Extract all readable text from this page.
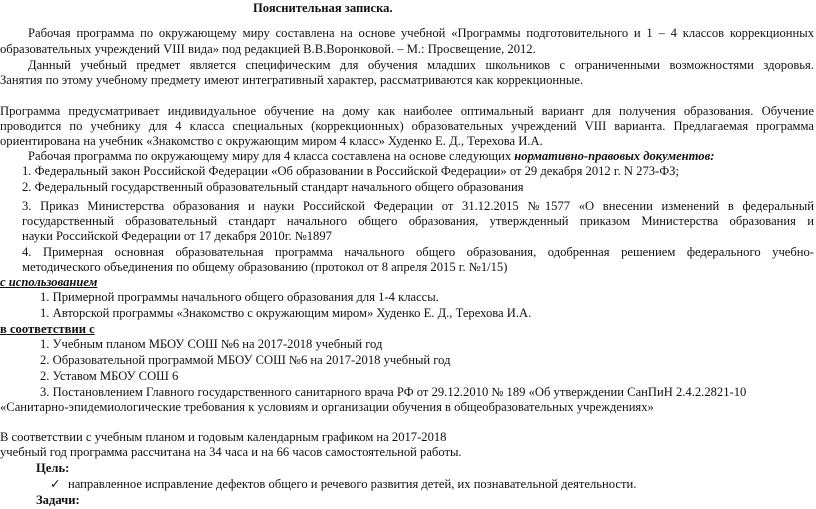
Пояснительная записка.
Рабочая программа по окружающему миру составлена на основе учебной «Программы подготовительного и 1 – 4 классов коррекционных
образовательных учреждений VIII вида» под редакцией В.В.Воронковой. – М.: Просвещение, 2012.
Данный учебный предмет является специфическим для обучения младших школьников с ограниченными возможностями здоровья.
Занятия по этому учебному предмету имеют интегративный характер, рассматриваются как коррекционные.
Программа предусматривает индивидуальное обучение на дому как наиболее оптимальный вариант для получения образования. Обучение
проводится по учебнику для 4 класса специальных (коррекционных) образовательных учреждений VIII варианта. Предлагаемая программа
ориентирована на учебник «Знакомство с окружающим миром 4 класс» Худенко Е. Д., Терехова И.А.
Рабочая программа по окружающему миру для 4 класса составлена на основе следующих нормативно-правовых документов:
1. Федеральный закон Российской Федерации «Об образовании в Российской Федерации» от 29 декабря 2012 г. N 273-ФЗ;
2. Федеральный государственный образовательный стандарт начального общего образования
3. Приказ Министерства образования и науки Российской Федерации от 31.12.2015 №1577 «О внесении изменений в федеральный
государственный образовательный стандарт начального общего образования, утвержденный приказом Министерства образования и
науки Российской Федерации от 17 декабря 2010г. №1897
4. Примерная основная образовательная программа начального общего образования, одобренная решением федерального учебно-
методического объединения по общему образованию (протокол от 8 апреля 2015 г. №1/15)
с использованием
1. Примерной программы начального общего образования для 1-4 классы.
1. Авторской программы «Знакомство с окружающим миром» Худенко Е. Д., Терехова И.А.
в соответствии с
1. Учебным планом МБОУ СОШ №6 на 2017-2018 учебный год
2. Образовательной программой МБОУ СОШ №6 на 2017-2018 учебный год
2. Уставом МБОУ СОШ 6
3. Постановлением Главного государственного санитарного врача РФ от 29.12.2010 № 189 «Об утверждении СанПиН 2.4.2.2821-10
«Санитарно-эпидемиологические требования к условиям и организации обучения в общеобразовательных учреждениях»
В соответствии с учебным планом и годовым календарным графиком на 2017-2018
учебный год программа рассчитана на 34 часа и на 66 часов самостоятельной работы.
Цель:
✓ направленное исправление дефектов общего и речевого развития детей, их познавательной деятельности.
Задачи:
